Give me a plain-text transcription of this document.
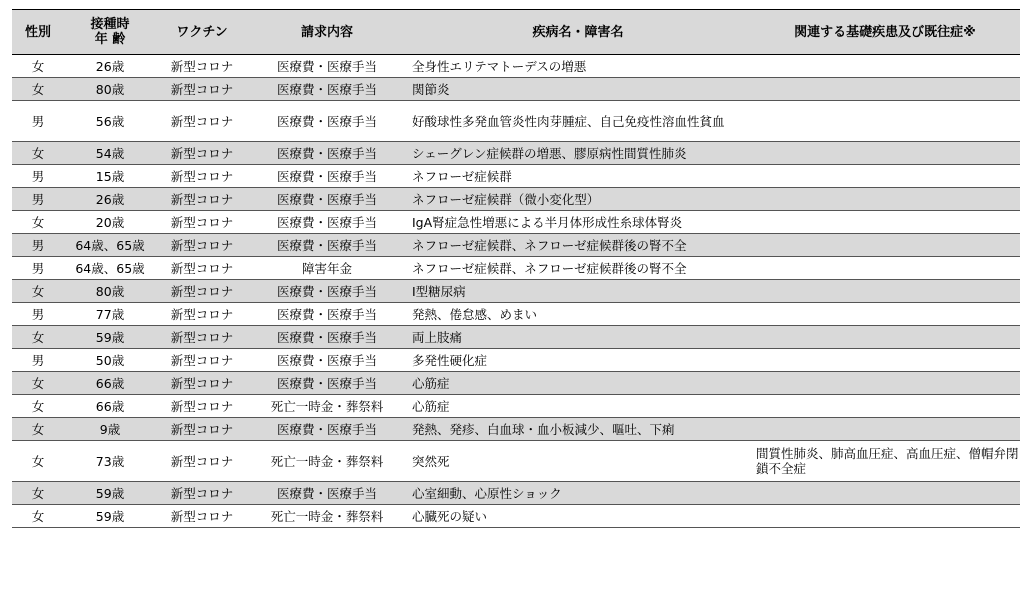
性別	接種時
年 齢	ワクチン	請求内容	疾病名・障害名	関連する基礎疾患及び既往症※
女	26歳	新型コロナ	医療費・医療手当	全身性エリテマトーデスの増悪	
女	80歳	新型コロナ	医療費・医療手当	関節炎	
男	56歳	新型コロナ	医療費・医療手当	好酸球性多発血管炎性肉芽腫症、自己免疫性溶血性貧血	
女	54歳	新型コロナ	医療費・医療手当	シェーグレン症候群の増悪、膠原病性間質性肺炎	
男	15歳	新型コロナ	医療費・医療手当	ネフローゼ症候群	
男	26歳	新型コロナ	医療費・医療手当	ネフローゼ症候群（微小変化型）	
女	20歳	新型コロナ	医療費・医療手当	IgA腎症急性増悪による半月体形成性糸球体腎炎	
男	64歳、65歳	新型コロナ	医療費・医療手当	ネフローゼ症候群、ネフローゼ症候群後の腎不全	
男	64歳、65歳	新型コロナ	障害年金	ネフローゼ症候群、ネフローゼ症候群後の腎不全	
女	80歳	新型コロナ	医療費・医療手当	Ⅰ型糖尿病	
男	77歳	新型コロナ	医療費・医療手当	発熱、倦怠感、めまい	
女	59歳	新型コロナ	医療費・医療手当	両上肢痛	
男	50歳	新型コロナ	医療費・医療手当	多発性硬化症	
女	66歳	新型コロナ	医療費・医療手当	心筋症	
女	66歳	新型コロナ	死亡一時金・葬祭料	心筋症	
女	9歳	新型コロナ	医療費・医療手当	発熱、発疹、白血球・血小板減少、嘔吐、下痢	
女	73歳	新型コロナ	死亡一時金・葬祭料	突然死	間質性肺炎、肺高血圧症、高血圧症、僧帽弁閉鎖不全症
女	59歳	新型コロナ	医療費・医療手当	心室細動、心原性ショック	
女	59歳	新型コロナ	死亡一時金・葬祭料	心臓死の疑い	
